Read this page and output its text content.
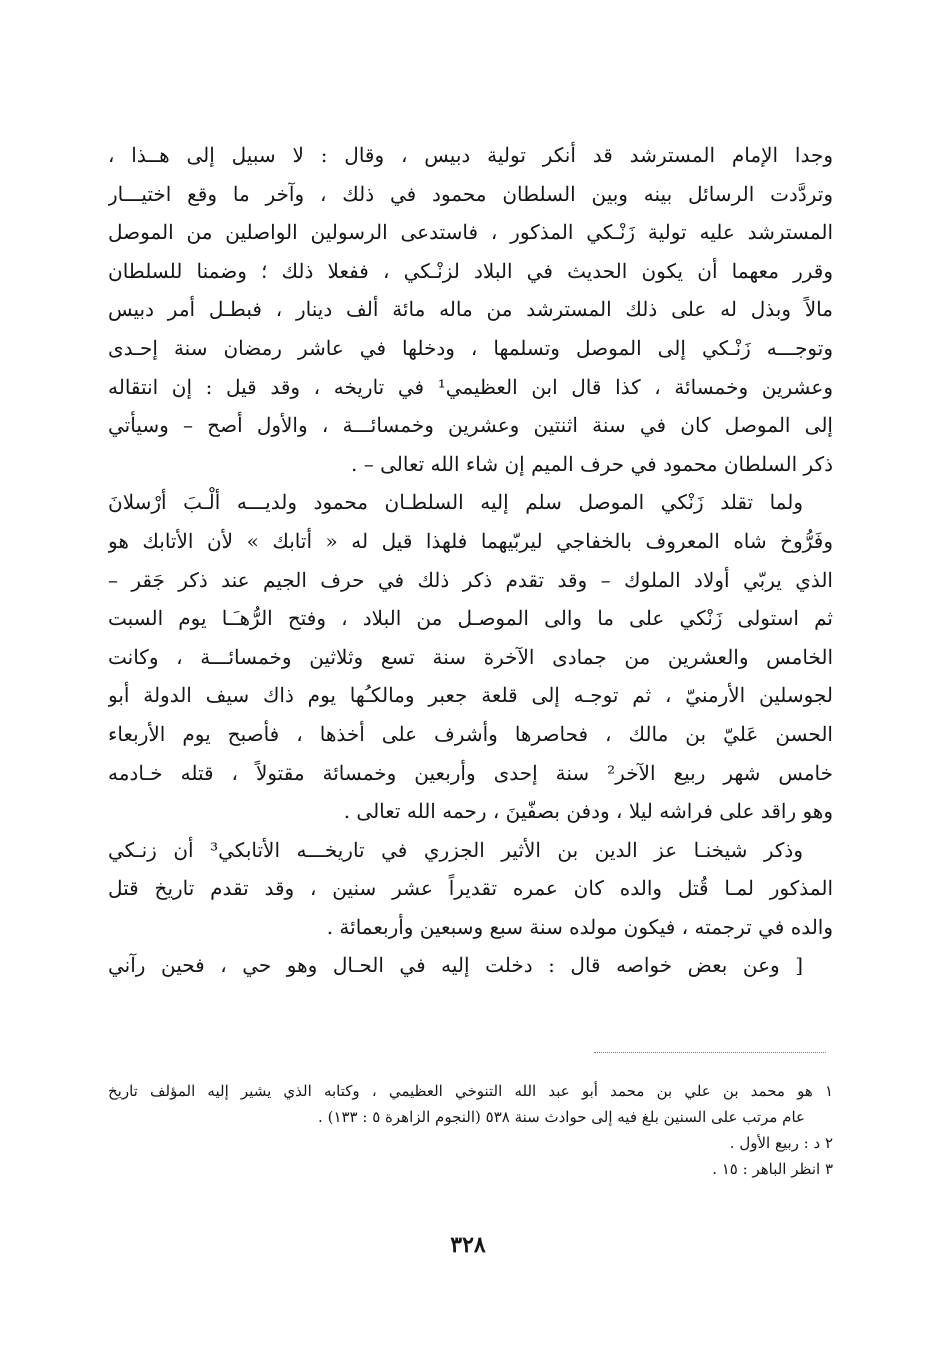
وجدا الإمام المسترشد قد أنكر تولية دبيس ، وقال : لا سبيل إلى هــذا ،
وتردَّدت الرسائل بينه وبين السلطان محمود في ذلك ، وآخر ما وقع اختيـــار
المسترشد عليه تولية زَنْـكي المذكور ، فاستدعى الرسولين الواصلين من الموصل
وقرر معهما أن يكون الحديث في البلاد لزنْـكي ، ففعلا ذلك ؛ وضمنا للسلطان
مالاً وبذل له على ذلك المسترشد من ماله مائة ألف دينار ، فبطـل أمر دبيس
وتوجـــه زَنْـكي إلى الموصل وتسلمها ، ودخلها في عاشر رمضان سنة إحـدى
وعشرين وخمسائة ، كذا قال ابن العظيمي¹ في تاريخه ، وقد قيل : إن انتقاله
إلى الموصل كان في سنة اثنتين وعشرين وخمسائـــة ، والأول أصح – وسيأتي
ذكر السلطان محمود في حرف الميم إن شاء الله تعالى – .
ولما تقلد زَنْكي الموصل سلم إليه السلطـان محمود ولديـــه ألْـبَ أرْسلانَ
وفَرُّوخ شاه المعروف بالخفاجي ليربّيهما فلهذا قيل له « أتابك » لأن الأتابك هو
الذي يربّي أولاد الملوك – وقد تقدم ذكر ذلك في حرف الجيم عند ذكر جَقر –
ثم استولى زَنْكي على ما والى الموصـل من البلاد ، وفتح الرُّهـَـا يوم السبت
الخامس والعشرين من جمادى الآخرة سنة تسع وثلاثين وخمسائـــة ، وكانت
لجوسلين الأرمنيّ ، ثم توجـه إلى قلعة جعبر ومالكـُها يوم ذاك سيف الدولة أبو
الحسن عَليّ بن مالك ، فحاصرها وأشرف على أخذها ، فأصبح يوم الأربعاء
خامس شهر ربيع الآخر² سنة إحدى وأربعين وخمسائة مقتولاً ، قتله خـادمه
وهو راقد على فراشه ليلا ، ودفن بصفّينَ ، رحمه الله تعالى .
وذكر شيخنـا عز الدين بن الأثير الجزري في تاريخـــه الأتابكي³ أن زنـكي
المذكور لمـا قُتل والده كان عمره تقديراً عشر سنين ، وقد تقدم تاريخ قتل
والده في ترجمته ، فيكون مولده سنة سبع وسبعين وأربعمائة .
[ وعن بعض خواصه قال : دخلت إليه في الحـال وهو حي ، فحين رآني
١ هو محمد بن علي بن محمد أبو عبد الله التنوخي العظيمي ، وكتابه الذي يشير إليه المؤلف تاريخ
عام مرتب على السنين بلغ فيه إلى حوادث سنة ٥٣٨ (النجوم الزاهرة ٥ : ١٣٣) .
٢ د : ربيع الأول .
٣ انظر الباهر : ١٥ .
٣٢٨
